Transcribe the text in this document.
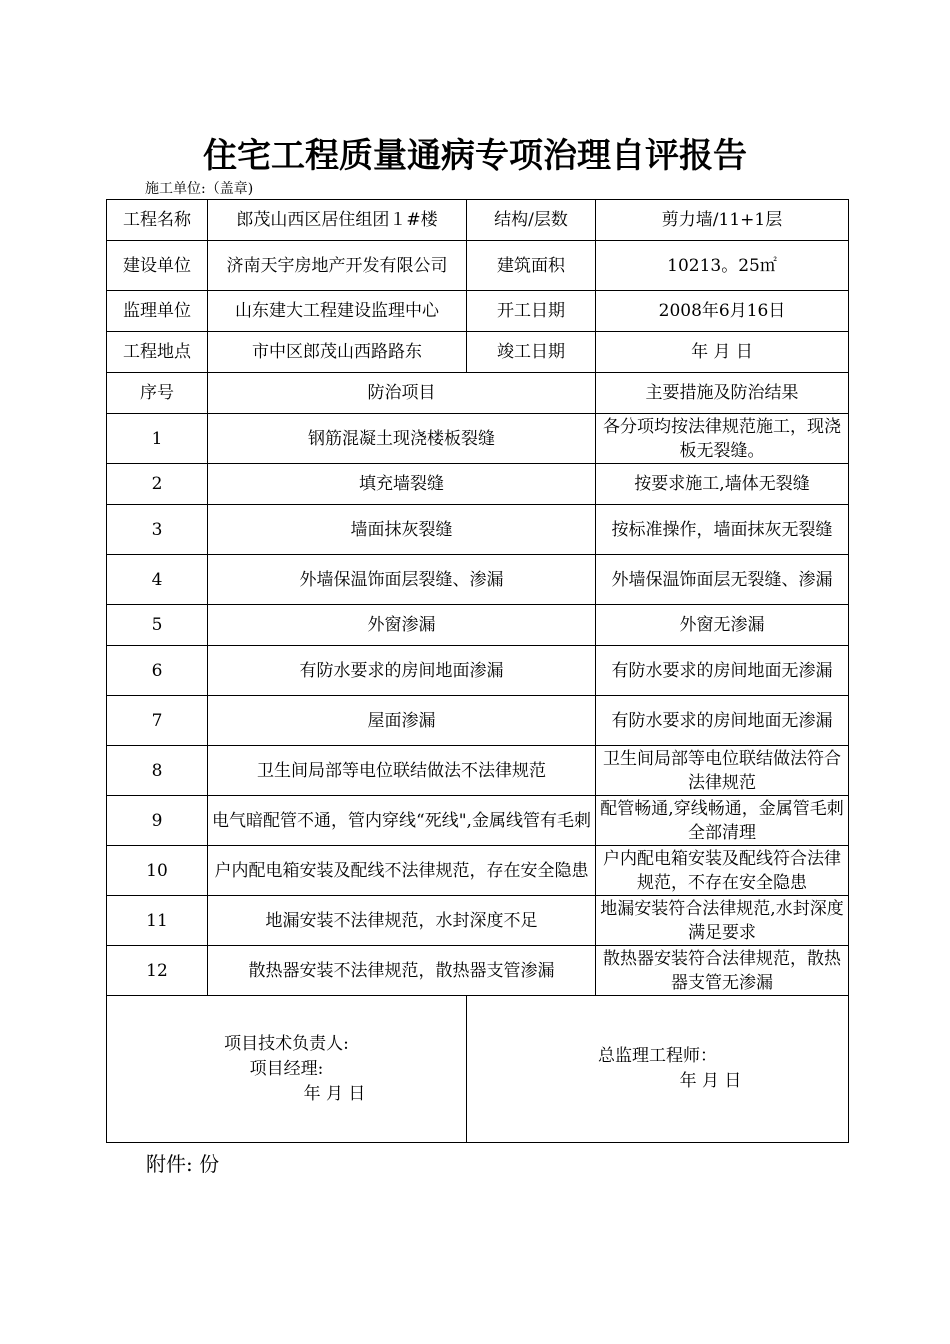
住宅工程质量通病专项治理自评报告
施工单位:（盖章)
工程名称	郎茂山西区居住组团１#楼	结构/层数	剪力墙/11+1层
建设单位	济南天宇房地产开发有限公司	建筑面积	10213。25㎡
监理单位	山东建大工程建设监理中心	开工日期	2008年6月16日
工程地点	市中区郎茂山西路路东	竣工日期	年 月 日
序号	防治项目		主要措施及防治结果
1	钢筋混凝土现浇楼板裂缝		各分项均按法律规范施工，现浇板无裂缝。
2	填充墙裂缝		按要求施工,墙体无裂缝
3	墙面抹灰裂缝		按标准操作，墙面抹灰无裂缝
4	外墙保温饰面层裂缝、渗漏		外墙保温饰面层无裂缝、渗漏
5	外窗渗漏		外窗无渗漏
6	有防水要求的房间地面渗漏		有防水要求的房间地面无渗漏
7	屋面渗漏		有防水要求的房间地面无渗漏
8	卫生间局部等电位联结做法不法律规范		卫生间局部等电位联结做法符合法律规范
9	电气暗配管不通，管内穿线“死线",金属线管有毛刺		配管畅通,穿线畅通，金属管毛刺全部清理
10	户内配电箱安装及配线不法律规范，存在安全隐患		户内配电箱安装及配线符合法律规范，不存在安全隐患
11	地漏安装不法律规范，水封深度不足		地漏安装符合法律规范,水封深度满足要求
12	散热器安装不法律规范，散热器支管渗漏		散热器安装符合法律规范，散热器支管无渗漏

项目技术负责人:
项目经理:
年 月 日		总监理工程师：
年 月 日	
附件: 份
